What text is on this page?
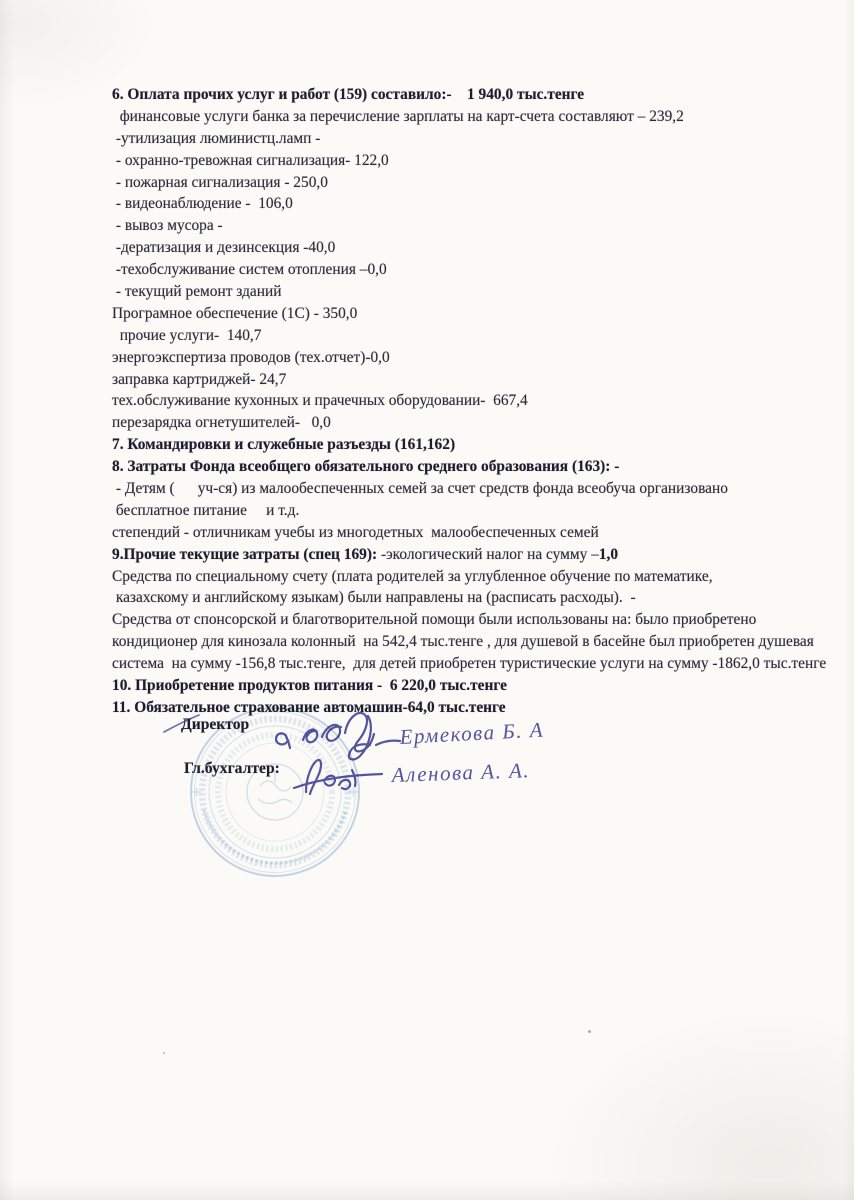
6. Оплата прочих услуг и работ (159) составило:-    1 940,0 тыс.тенге
финансовые услуги банка за перечисление зарплаты на карт-счета составляют – 239,2
-утилизация люминистц.ламп -
- охранно-тревожная сигнализация- 122,0
- пожарная сигнализация - 250,0
- видеонаблюдение -  106,0
- вывоз мусора -
-дератизация и дезинсекция -40,0
-техобслуживание систем отопления –0,0
- текущий ремонт зданий
Програмное обеспечение (1С) - 350,0
прочие услуги-  140,7
энергоэкспертиза проводов (тех.отчет)-0,0
заправка картриджей- 24,7
тех.обслуживание кухонных и прачечных оборудовании-  667,4
перезарядка огнетушителей-   0,0
7. Командировки и служебные разъезды (161,162)
8. Затраты Фонда всеобщего обязательного среднего образования (163): -
- Детям (      уч-ся) из малообеспеченных семей за счет средств фонда всеобуча организовано
бесплатное питание     и т.д.
степендий - отличникам учебы из многодетных  малообеспеченных семей
9.Прочие текущие затраты (спец 169): -экологический налог на сумму –1,0
Средства по специальному счету (плата родителей за углубленное обучение по математике,
казахскому и английскому языкам) были направлены на (расписать расходы).  -
Средства от спонсорской и благотворительной помощи были использованы на: было приобретено
кондиционер для кинозала колонный  на 542,4 тыс.тенге , для душевой в басейне был приобретен душевая
система  на сумму -156,8 тыс.тенге,  для детей приобретен туристические услуги на сумму -1862,0 тыс.тенге
10. Приобретение продуктов питания -  6 220,0 тыс.тенге
11. Обязательное страхование автомашин-64,0 тыс.тенге
Ермекова Б. А
Аленова А. А.
Директор
Гл.бухгалтер:
